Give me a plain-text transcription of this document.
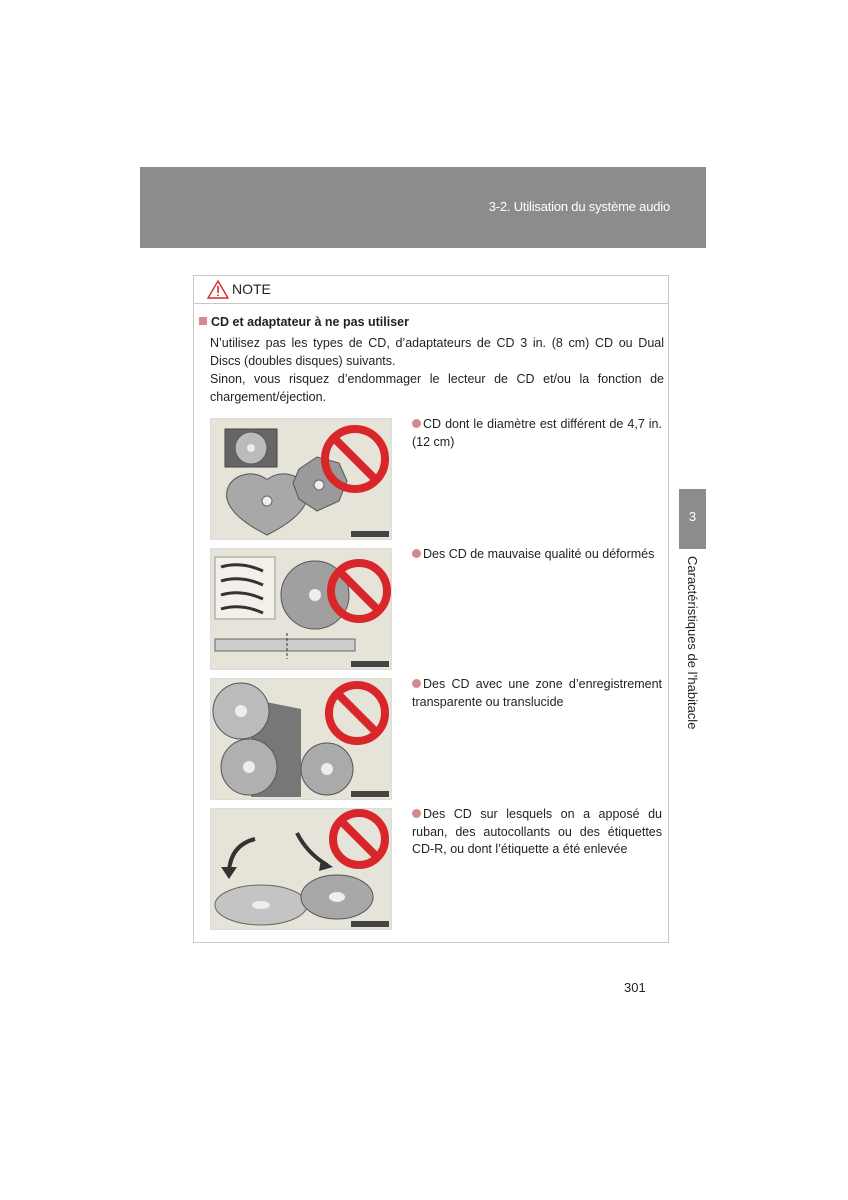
3-2. Utilisation du système audio
3
Caractéristiques de l’habitacle
NOTE
CD et adaptateur à ne pas utiliser

N’utilisez pas les types de CD, d’adaptateurs de CD 3 in. (8 cm) CD ou Dual Discs (doubles disques) suivants.

Sinon, vous risquez d’endommager le lecteur de CD et/ou la fonction de chargement/éjection.

CD dont le diamètre est différent de 4,7 in. (12 cm)
Des CD de mauvaise qualité ou déformés
Des CD avec une zone d’enregistrement transparente ou translucide
Des CD sur lesquels on a apposé du ruban, des autocollants ou des étiquettes CD-R, ou dont l’étiquette a été enlevée
301
